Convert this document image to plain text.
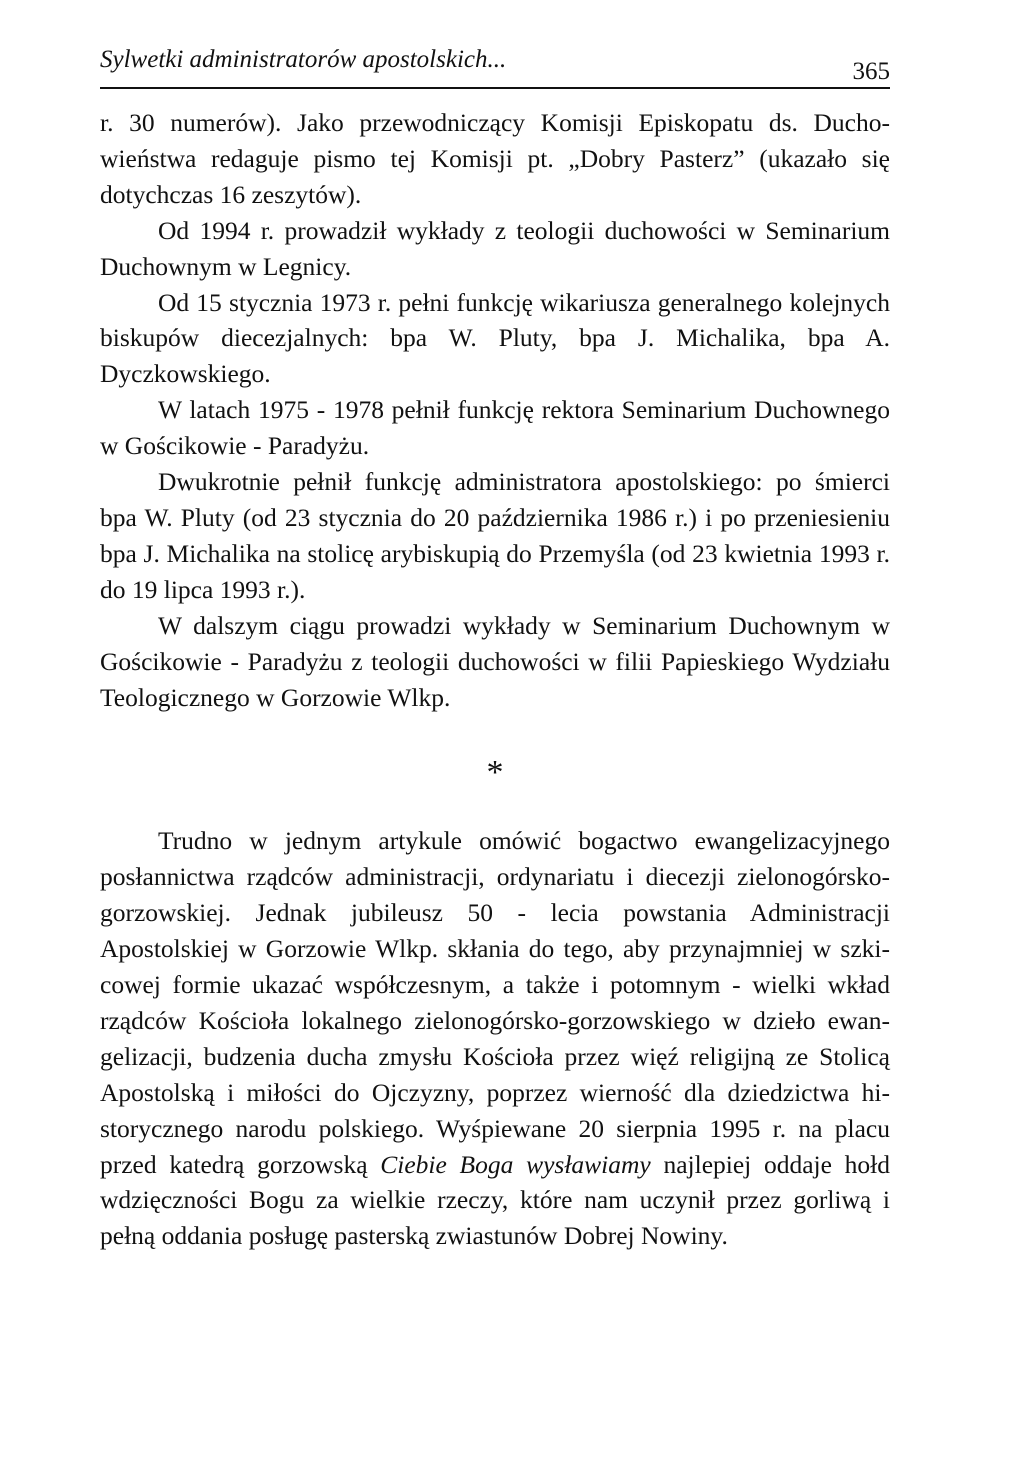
Sylwetki administratorów apostolskich...	365

r. 30 numerów). Jako przewodniczący Komisji Episkopatu ds. Duchowieństwa redaguje pismo tej Komisji pt. „Dobry Pasterz” (ukazało się dotychczas 16 zeszytów).

Od 1994 r. prowadził wykłady z teologii duchowości w Seminarium Duchownym w Legnicy.

Od 15 stycznia 1973 r. pełni funkcję wikariusza generalnego kolejnych biskupów diecezjalnych: bpa W. Pluty, bpa J. Michalika, bpa A. Dyczkowskiego.

W latach 1975 - 1978 pełnił funkcję rektora Seminarium Duchownego w Gościkowie - Paradyżu.

Dwukrotnie pełnił funkcję administratora apostolskiego: po śmierci bpa W. Pluty (od 23 stycznia do 20 października 1986 r.) i po przeniesieniu bpa J. Michalika na stolicę arybiskupią do Przemyśla (od 23 kwietnia 1993 r. do 19 lipca 1993 r.).

W dalszym ciągu prowadzi wykłady w Seminarium Duchownym w Gościkowie - Paradyżu z teologii duchowości w filii Papieskiego Wydziału Teologicznego w Gorzowie Wlkp.

*

Trudno w jednym artykule omówić bogactwo ewangelizacyjnego posłannictwa rządców administracji, ordynariatu i diecezji zielonogórsko-gorzowskiej. Jednak jubileusz 50 - lecia powstania Administracji Apostolskiej w Gorzowie Wlkp. skłania do tego, aby przynajmniej w szkicowej formie ukazać współczesnym, a także i potomnym - wielki wkład rządców Kościoła lokalnego zielonogórsko-gorzowskiego w dzieło ewangelizacji, budzenia ducha zmysłu Kościoła przez więź religijną ze Stolicą Apostolską i miłości do Ojczyzny, poprzez wierność dla dziedzictwa historycznego narodu polskiego. Wyśpiewane 20 sierpnia 1995 r. na placu przed katedrą gorzowską Ciebie Boga wysławiamy najlepiej oddaje hołd wdzięczności Bogu za wielkie rzeczy, które nam uczynił przez gorliwą i pełną oddania posługę pasterską zwiastunów Dobrej Nowiny.
